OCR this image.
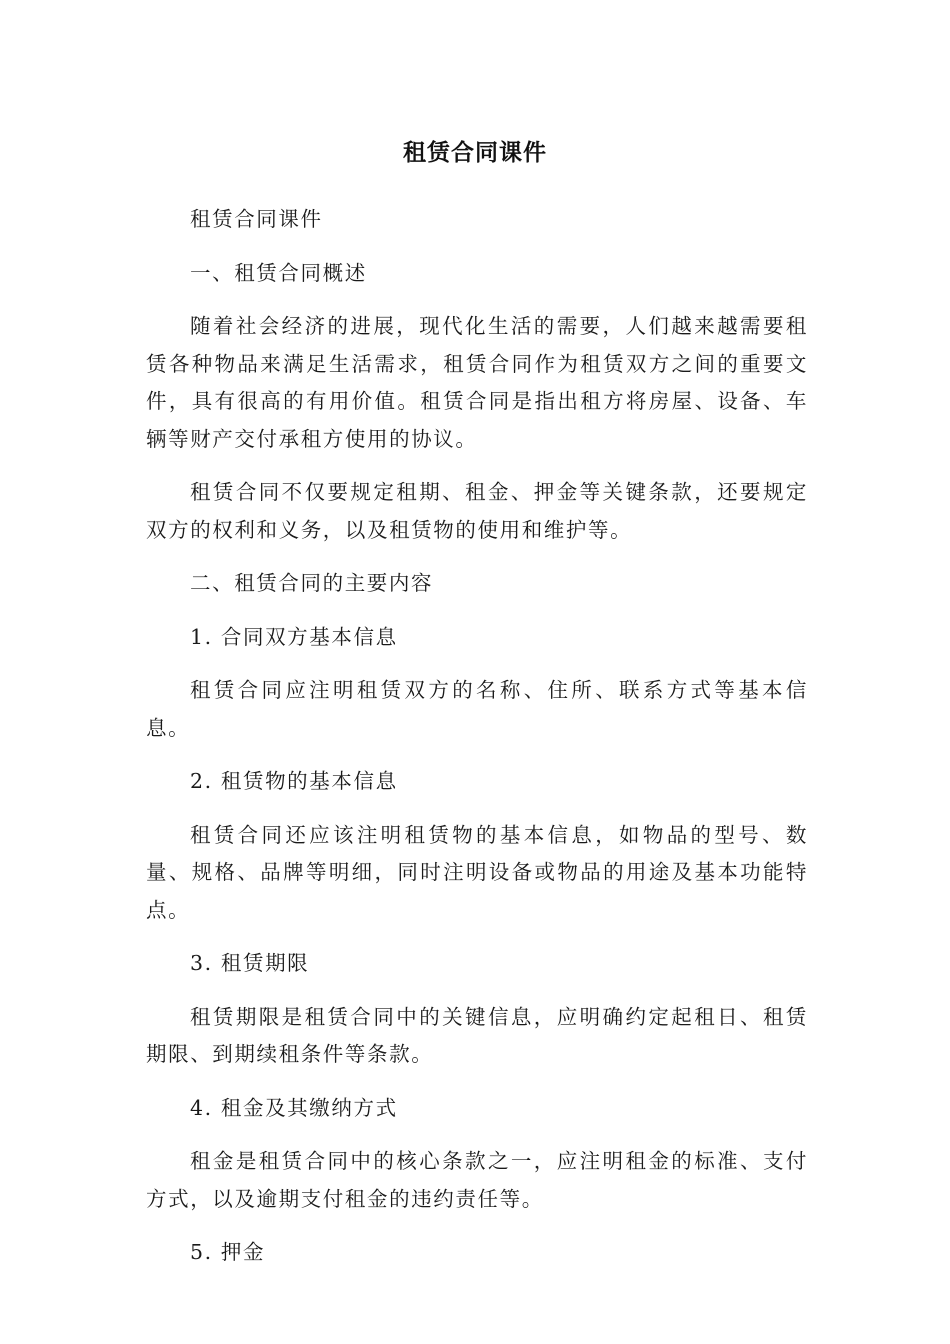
租赁合同课件

租赁合同课件

一、租赁合同概述

随着社会经济的进展，现代化生活的需要，人们越来越需要租赁各种物品来满足生活需求，租赁合同作为租赁双方之间的重要文件，具有很高的有用价值。租赁合同是指出租方将房屋、设备、车辆等财产交付承租方使用的协议。

租赁合同不仅要规定租期、租金、押金等关键条款，还要规定双方的权利和义务，以及租赁物的使用和维护等。

二、租赁合同的主要内容

1. 合同双方基本信息

租赁合同应注明租赁双方的名称、住所、联系方式等基本信息。

2. 租赁物的基本信息

租赁合同还应该注明租赁物的基本信息，如物品的型号、数量、规格、品牌等明细，同时注明设备或物品的用途及基本功能特点。

3. 租赁期限

租赁期限是租赁合同中的关键信息，应明确约定起租日、租赁期限、到期续租条件等条款。

4. 租金及其缴纳方式

租金是租赁合同中的核心条款之一，应注明租金的标准、支付方式，以及逾期支付租金的违约责任等。

5. 押金
